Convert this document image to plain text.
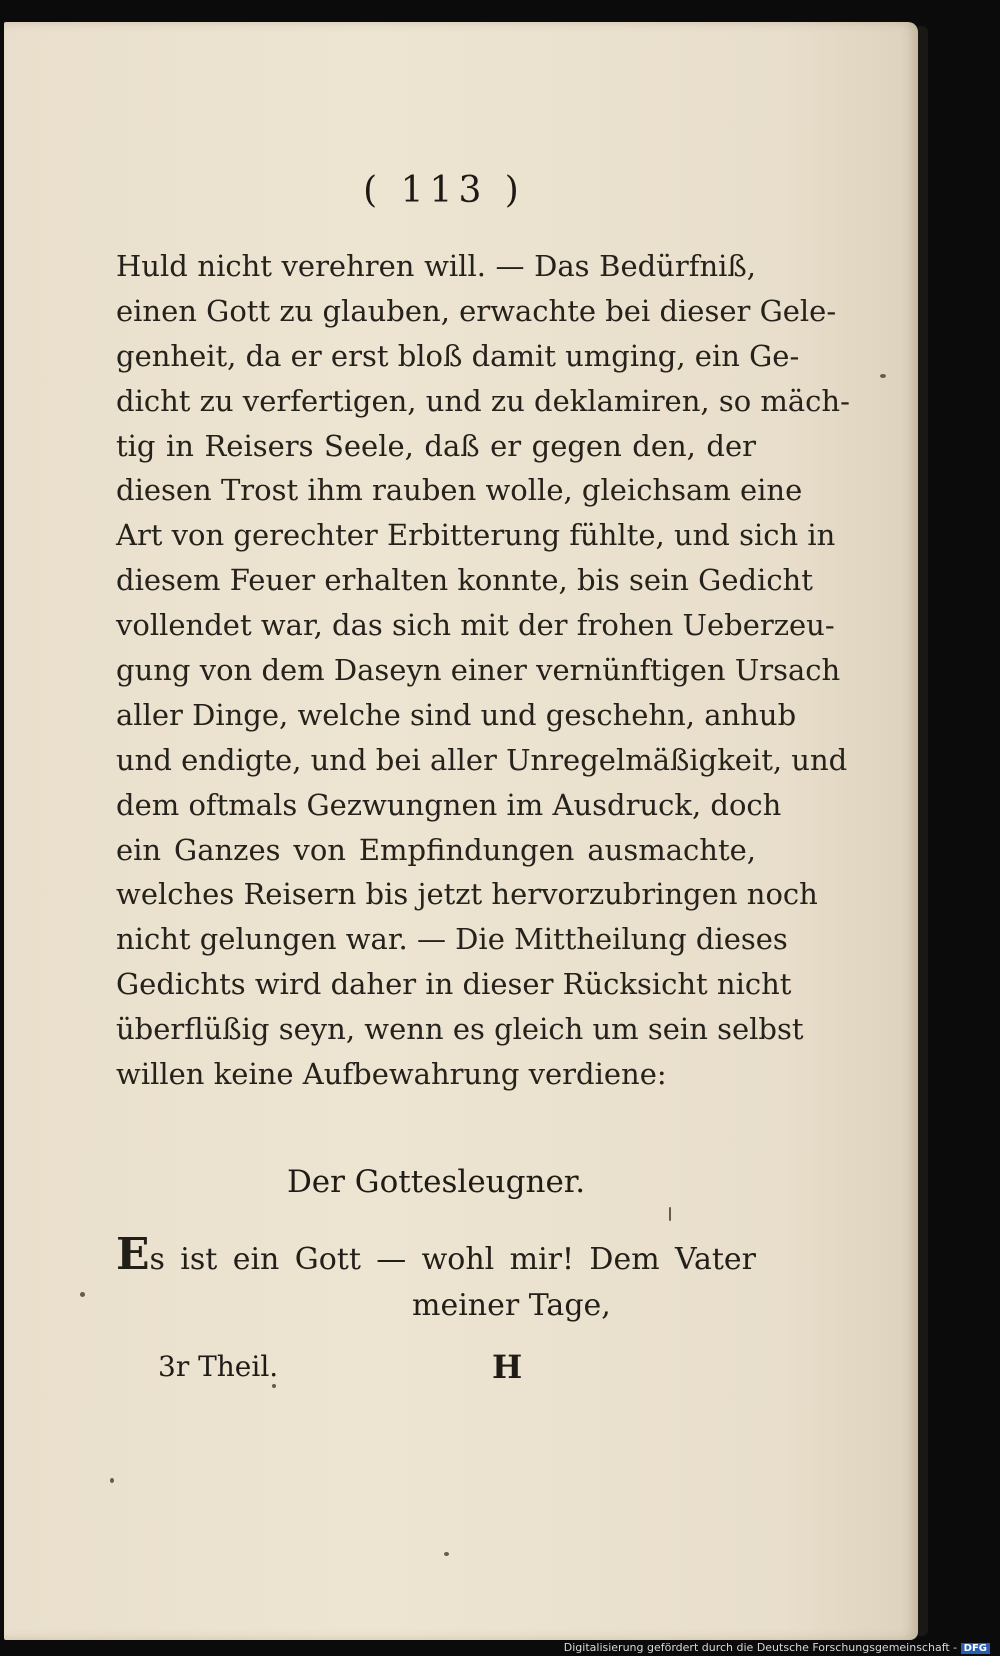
( 113 )
Huld nicht verehren will. — Das Bedürfniß,
einen Gott zu glauben, erwachte bei dieser Gele-
genheit, da er erst bloß damit umging, ein Ge-
dicht zu verfertigen, und zu deklamiren, so mäch-
tig in Reisers Seele, daß er gegen den, der
diesen Trost ihm rauben wolle, gleichsam eine
Art von gerechter Erbitterung fühlte, und sich in
diesem Feuer erhalten konnte, bis sein Gedicht
vollendet war, das sich mit der frohen Ueberzeu-
gung von dem Daseyn einer vernünftigen Ursach
aller Dinge, welche sind und geschehn, anhub
und endigte, und bei aller Unregelmäßigkeit, und
dem oftmals Gezwungnen im Ausdruck, doch
ein Ganzes von Empfindungen ausmachte,
welches Reisern bis jetzt hervorzubringen noch
nicht gelungen war. — Die Mittheilung dieses
Gedichts wird daher in dieser Rücksicht nicht
überflüßig seyn, wenn es gleich um sein selbst
willen keine Aufbewahrung verdiene:
Der Gottesleugner.
Es ist ein Gott — wohl mir! Dem Vater
meiner Tage,
3r Theil.	H
Digitalisierung gefördert durch die Deutsche Forschungsgemeinschaft - DFG
